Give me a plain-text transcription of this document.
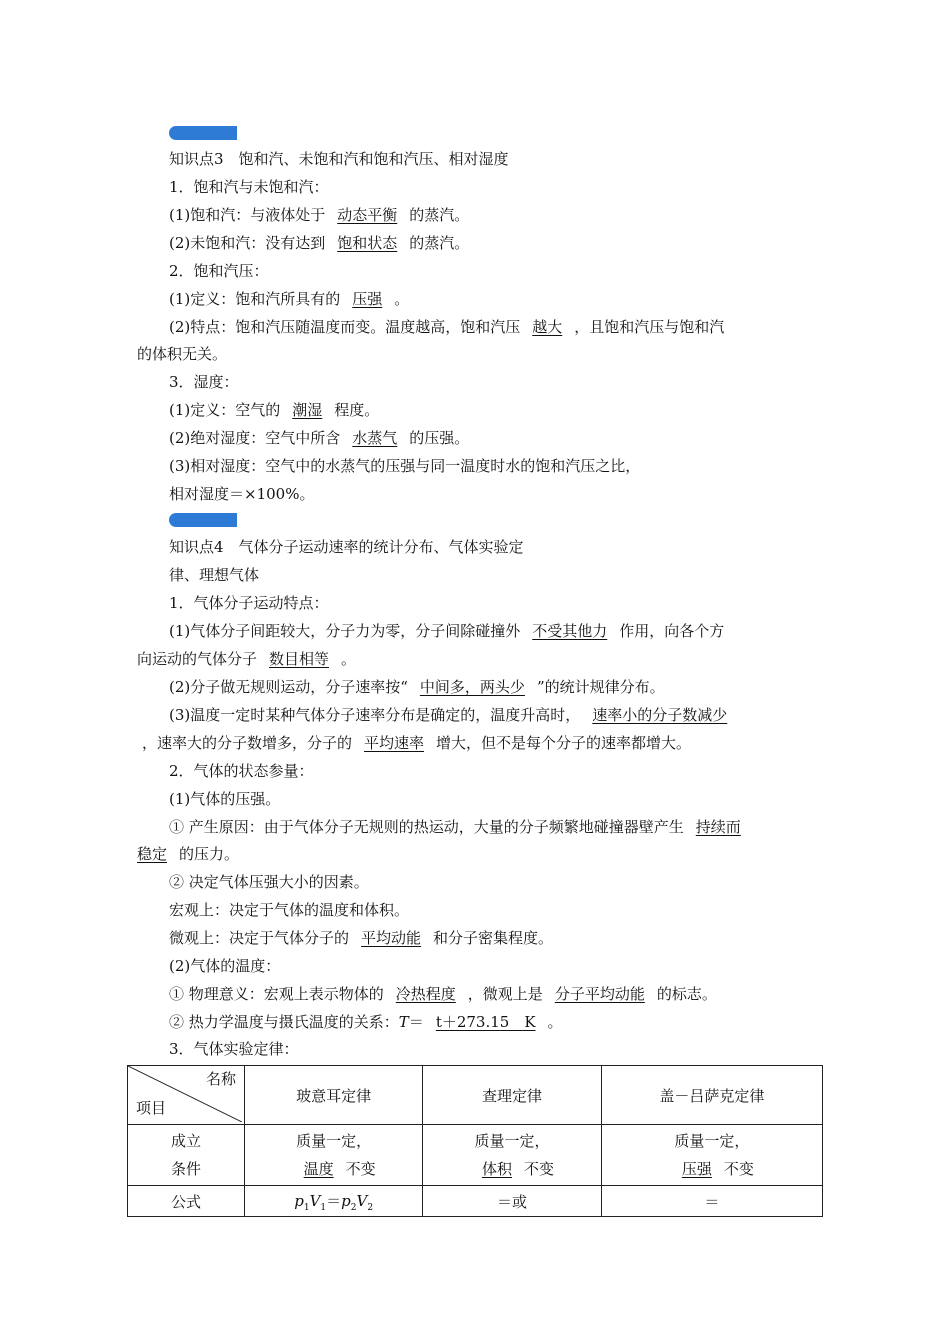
知识点3　饱和汽、未饱和汽和饱和汽压、相对湿度
1．饱和汽与未饱和汽：
(1)饱和汽：与液体处于 动态平衡 的蒸汽。
(2)未饱和汽：没有达到 饱和状态 的蒸汽。
2．饱和汽压：
(1)定义：饱和汽所具有的 压强 。
(2)特点：饱和汽压随温度而变。温度越高，饱和汽压 越大 ，且饱和汽压与饱和汽
的体积无关。
3．湿度：
(1)定义：空气的 潮湿 程度。
(2)绝对湿度：空气中所含 水蒸气 的压强。
(3)相对湿度：空气中的水蒸气的压强与同一温度时水的饱和汽压之比，
相对湿度＝×100%。
知识点4　气体分子运动速率的统计分布、气体实验定
律、理想气体
1．气体分子运动特点：
(1)气体分子间距较大，分子力为零，分子间除碰撞外 不受其他力 作用，向各个方
向运动的气体分子 数目相等 。
(2)分子做无规则运动，分子速率按“ 中间多，两头少 ”的统计规律分布。
(3)温度一定时某种气体分子速率分布是确定的，温度升高时， 速率小的分子数减少
，速率大的分子数增多，分子的 平均速率 增大，但不是每个分子的速率都增大。
2．气体的状态参量：
(1)气体的压强。
① 产生原因：由于气体分子无规则的热运动，大量的分子频繁地碰撞器壁产生 持续而
稳定 的压力。
② 决定气体压强大小的因素。
宏观上：决定于气体的温度和体积。
微观上：决定于气体分子的 平均动能 和分子密集程度。
(2)气体的温度：
① 物理意义：宏观上表示物体的 冷热程度 ，微观上是 分子平均动能 的标志。
② 热力学温度与摄氏温度的关系：T＝ t＋273.15　K 。
3．气体实验定律：
名称
项目	玻意耳定律	查理定律	盖－吕萨克定律
成立
条件	质量一定，
温度 不变	质量一定，
体积 不变	质量一定，
压强 不变
公式	$p_1V_1=p_2V_2$	＝或	＝
